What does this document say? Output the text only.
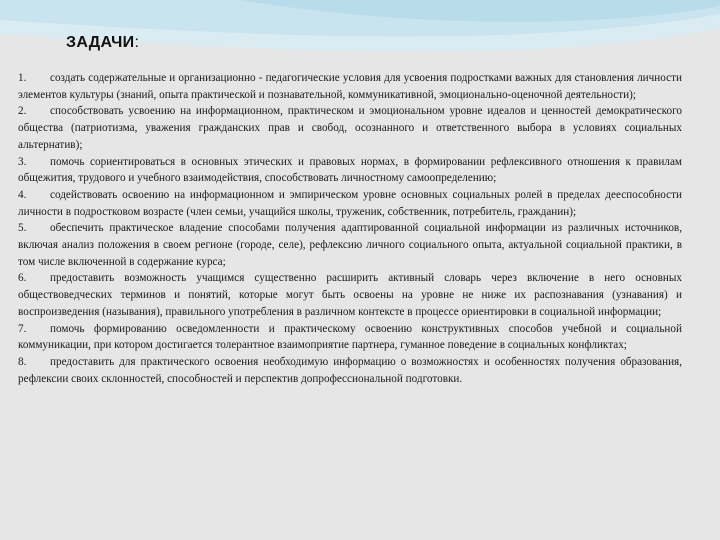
ЗАДАЧИ:

1. создать содержательные и организационно - педагогические условия для усвоения подростками важных для становления личности элементов культуры (знаний, опыта практической и познавательной, коммуникативной, эмоционально-оценочной деятельности);

2. способствовать усвоению на информационном, практическом и эмоциональном уровне идеалов и ценностей демократического общества (патриотизма, уважения гражданских прав и свобод, осознанного и ответственного выбора в условиях социальных альтернатив);

3. помочь сориентироваться в основных этических и правовых нормах, в формировании рефлексивного отношения к правилам общежития, трудового и учебного взаимодействия, способствовать личностному самоопределению;

4. содействовать освоению на информационном и эмпирическом уровне основных социальных ролей в пределах дееспособности личности в подростковом возрасте (член семьи, учащийся школы, труженик, собственник, потребитель, гражданин);

5. обеспечить практическое владение способами получения адаптированной социальной информации из различных источников, включая анализ положения в своем регионе (городе, селе), рефлексию личного социального опыта, актуальной социальной практики, в том числе включенной в содержание курса;

6. предоставить возможность учащимся существенно расширить активный словарь через включение в него основных обществоведческих терминов и понятий, которые могут быть освоены на уровне не ниже их распознавания (узнавания) и воспроизведения (называния), правильного употребления в различном контексте в процессе ориентировки в социальной информации;

7. помочь формированию осведомленности и практическому освоению конструктивных способов учебной и социальной коммуникации, при котором достигается толерантное взаимоприятие партнера, гуманное поведение в социальных конфликтах;

8. предоставить для практического освоения необходимую информацию о возможностях и особенностях получения образования, рефлексии своих склонностей, способностей и перспектив допрофессиональной подготовки.
